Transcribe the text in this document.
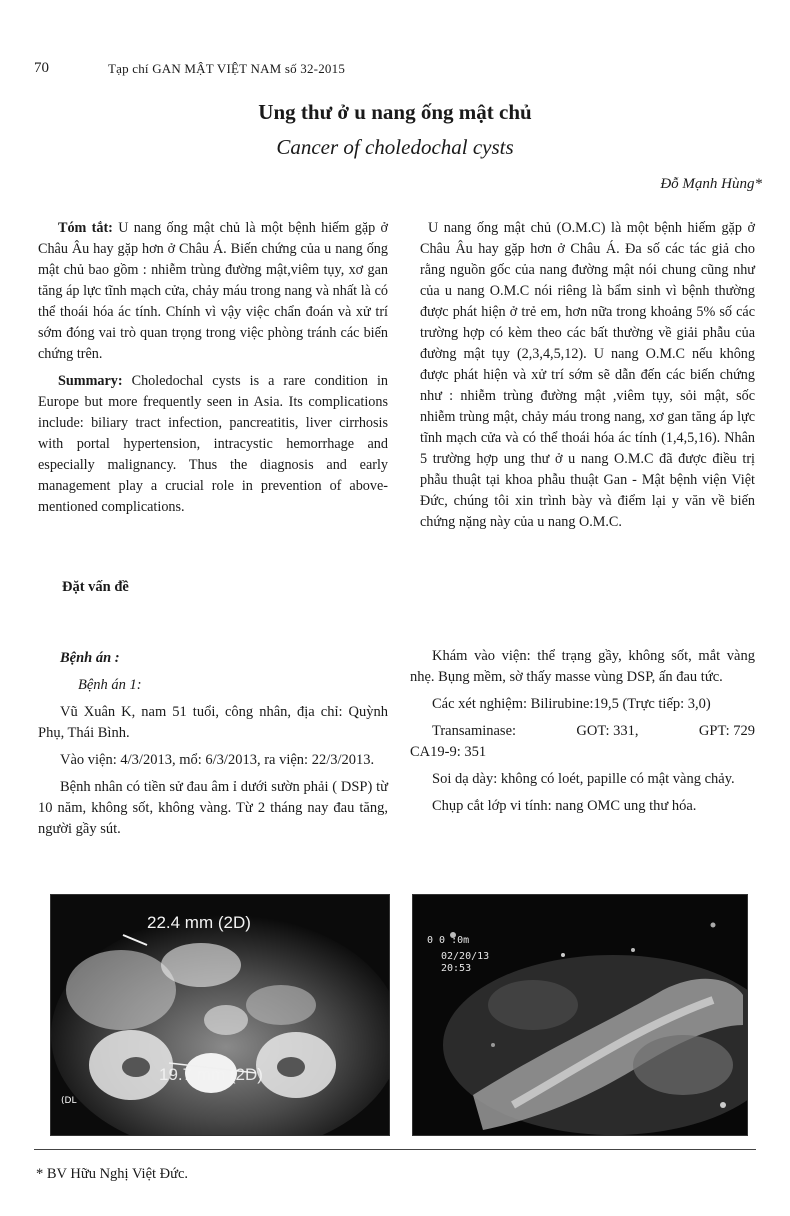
70	Tạp chí GAN MẬT VIỆT NAM số 32-2015
Ung thư ở u nang ống mật chủ
Cancer of choledochal cysts
Đỗ Mạnh Hùng*

Tóm tắt: U nang ống mật chủ là một bệnh hiếm gặp ở Châu Âu hay gặp hơn ở Châu Á. Biến chứng của u nang ống mật chủ bao gồm : nhiễm trùng đường mật,viêm tụy, xơ gan tăng áp lực tĩnh mạch cửa, chảy máu trong nang và nhất là có thể thoái hóa ác tính. Chính vì vậy việc chẩn đoán và xử trí sớm đóng vai trò quan trọng trong việc phòng tránh các biến chứng trên.

Summary: Choledochal cysts is a rare condition in Europe but more frequently seen in Asia. Its complications include: biliary tract infection, pancreatitis, liver cirrhosis with portal hypertension, intracystic hemorrhage and especially malignancy. Thus the diagnosis and early management play a crucial role in prevention of above-mentioned complications.

Đặt vấn đề

U nang ống mật chủ (O.M.C) là một bệnh hiếm gặp ở Châu Âu hay gặp hơn ở Châu Á. Đa số các tác giả cho rằng nguồn gốc của nang đường mật nói chung cũng như của u nang O.M.C nói riêng là bẩm sinh vì bệnh thường được phát hiện ở trẻ em, hơn nữa trong khoảng 5% số các trường hợp có kèm theo các bất thường về giải phẫu của đường mật tụy (2,3,4,5,12). U nang O.M.C nếu không được phát hiện và xử trí sớm sẽ dẫn đến các biến chứng như : nhiễm trùng đường mật ,viêm tụy, sỏi mật, sốc nhiễm trùng mật, chảy máu trong nang, xơ gan tăng áp lực tĩnh mạch cửa và có thể thoái hóa ác tính (1,4,5,16). Nhân 5 trường hợp ung thư ở u nang O.M.C đã được điều trị phẫu thuật tại khoa phẫu thuật Gan - Mật bệnh viện Việt Đức, chúng tôi xin trình bày và điểm lại y văn về biến chứng nặng này của u nang O.M.C.

Bệnh án :

Bệnh án 1:

Vũ Xuân K, nam 51 tuổi, công nhân, địa chỉ: Quỳnh Phụ, Thái Bình.

Vào viện: 4/3/2013, mổ: 6/3/2013, ra viện: 22/3/2013.

Bệnh nhân có tiền sử đau âm ỉ dưới sườn phải ( DSP) từ 10 năm, không sốt, không vàng. Từ 2 tháng nay đau tăng, người gầy sút.

Khám vào viện: thể trạng gầy, không sốt, mắt vàng nhẹ. Bụng mềm, sờ thấy masse vùng DSP, ấn đau tức.

Các xét nghiệm: Bilirubine:19,5 (Trực tiếp: 3,0)

Transaminase:	GOT: 331,	GPT: 729

CA19-9: 351

Soi dạ dày: không có loét, papille có mật vàng chảy.

Chụp cắt lớp vi tính: nang OMC ung thư hóa.

(DL
22.4 mm (2D)
19.7 mm (2D)
0 0 :0m
02/20/13
20:53
* BV Hữu Nghị Việt Đức.
